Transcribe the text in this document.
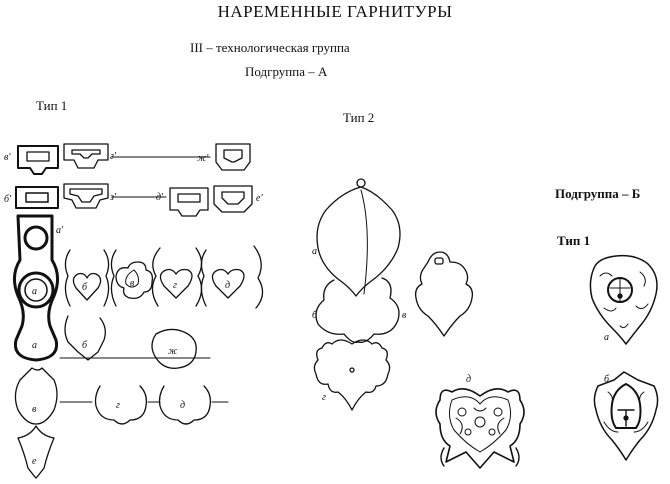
НАРЕМЕННЫЕ ГАРНИТУРЫ
III – технологическая группа
Подгруппа – А
Тип 1
Тип 2
Подгруппа – Б
Тип 1
в'	г'	ж'
б'	з'	д'	е'
а'
а	б	в	г	д
а	б
ж
в	г	д
е
а
б	в
г
д
а
б
